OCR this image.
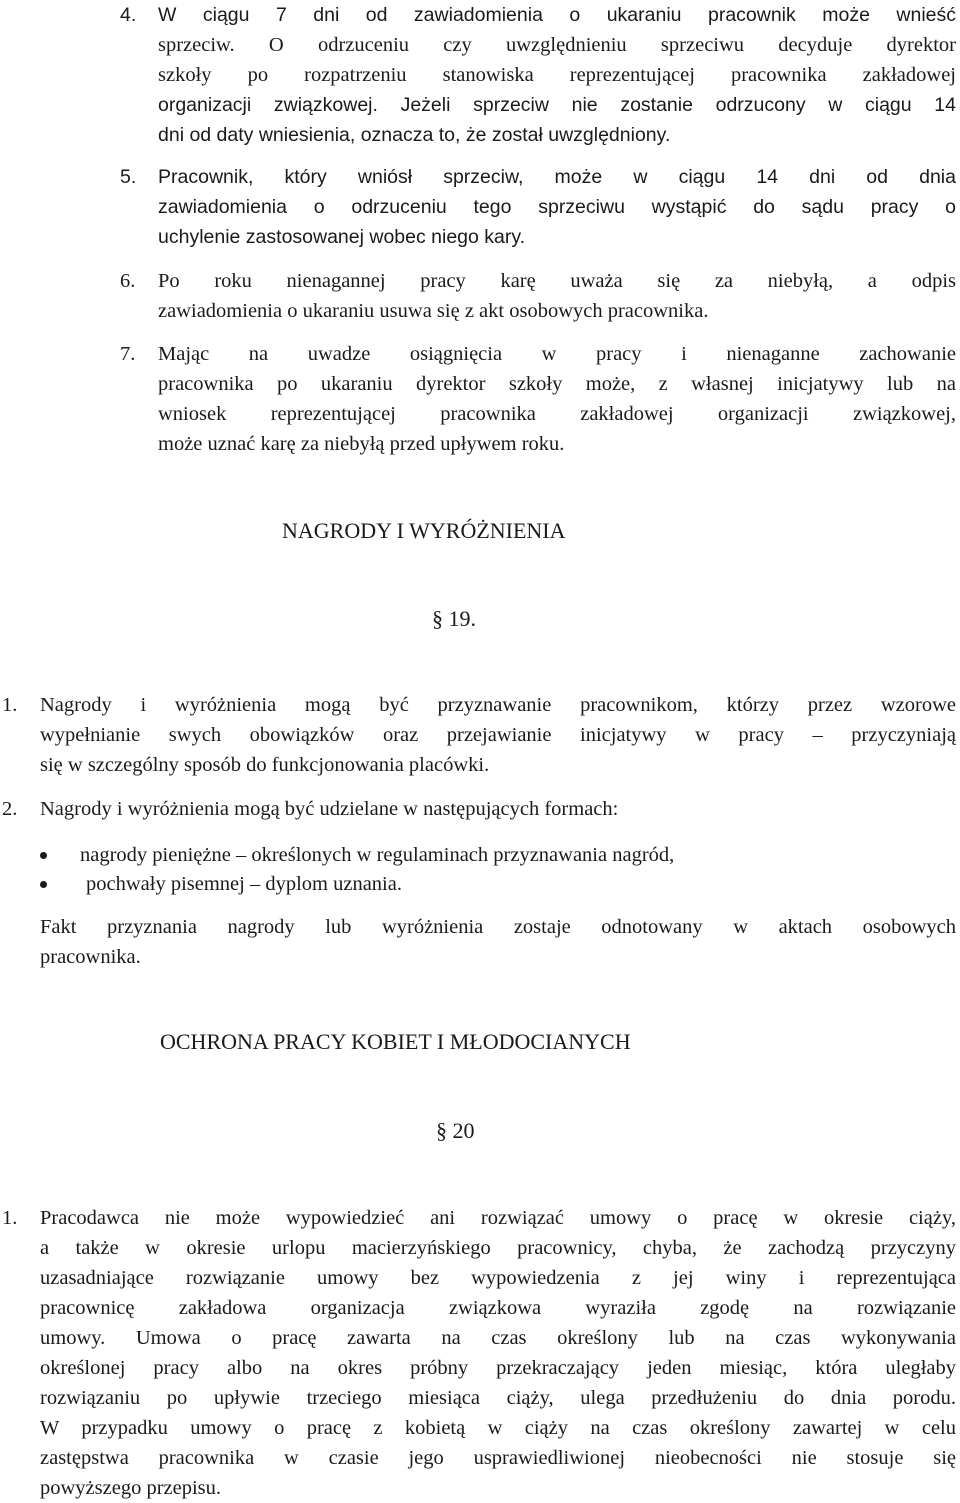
4. W ciągu 7 dni od zawiadomienia o ukaraniu pracownik może wnieść
sprzeciw. O odrzuceniu czy uwzględnieniu sprzeciwu decyduje dyrektor
szkoły po rozpatrzeniu stanowiska reprezentującej pracownika zakładowej
organizacji związkowej. Jeżeli sprzeciw nie zostanie odrzucony w ciągu 14
dni od daty wniesienia, oznacza to, że został uwzględniony.
5. Pracownik, który wniósł sprzeciw, może w ciągu 14 dni od dnia
zawiadomienia o odrzuceniu tego sprzeciwu wystąpić do sądu pracy o
uchylenie zastosowanej wobec niego kary.
6. Po roku nienagannej pracy karę uważa się za niebyłą, a odpis
zawiadomienia o ukaraniu usuwa się z akt osobowych pracownika.
7. Mając na uwadze osiągnięcia w pracy i nienaganne zachowanie
pracownika po ukaraniu dyrektor szkoły może, z własnej inicjatywy lub na
wniosek reprezentującej pracownika zakładowej organizacji związkowej,
może uznać karę za niebyłą przed upływem roku.
NAGRODY I WYRÓŻNIENIA
§ 19.
1. Nagrody i wyróżnienia mogą być przyznawanie pracownikom, którzy przez wzorowe
wypełnianie swych obowiązków oraz przejawianie inicjatywy w pracy – przyczyniają
się w szczególny sposób do funkcjonowania placówki.
2. Nagrody i wyróżnienia mogą być udzielane w następujących formach:
nagrody pieniężne – określonych w regulaminach przyznawania nagród,
pochwały pisemnej – dyplom uznania.
Fakt przyznania nagrody lub wyróżnienia zostaje odnotowany w aktach osobowych
pracownika.
OCHRONA PRACY KOBIET I MŁODOCIANYCH
§ 20
1. Pracodawca nie może wypowiedzieć ani rozwiązać umowy o pracę w okresie ciąży,
a także w okresie urlopu macierzyńskiego pracownicy, chyba, że zachodzą przyczyny
uzasadniające rozwiązanie umowy bez wypowiedzenia z jej winy i reprezentująca
pracownicę zakładowa organizacja związkowa wyraziła zgodę na rozwiązanie
umowy. Umowa o pracę zawarta na czas określony lub na czas wykonywania
określonej pracy albo na okres próbny przekraczający jeden miesiąc, która uległaby
rozwiązaniu po upływie trzeciego miesiąca ciąży, ulega przedłużeniu do dnia porodu.
W przypadku umowy o pracę z kobietą w ciąży na czas określony zawartej w celu
zastępstwa pracownika w czasie jego usprawiedliwionej nieobecności nie stosuje się
powyższego przepisu.
